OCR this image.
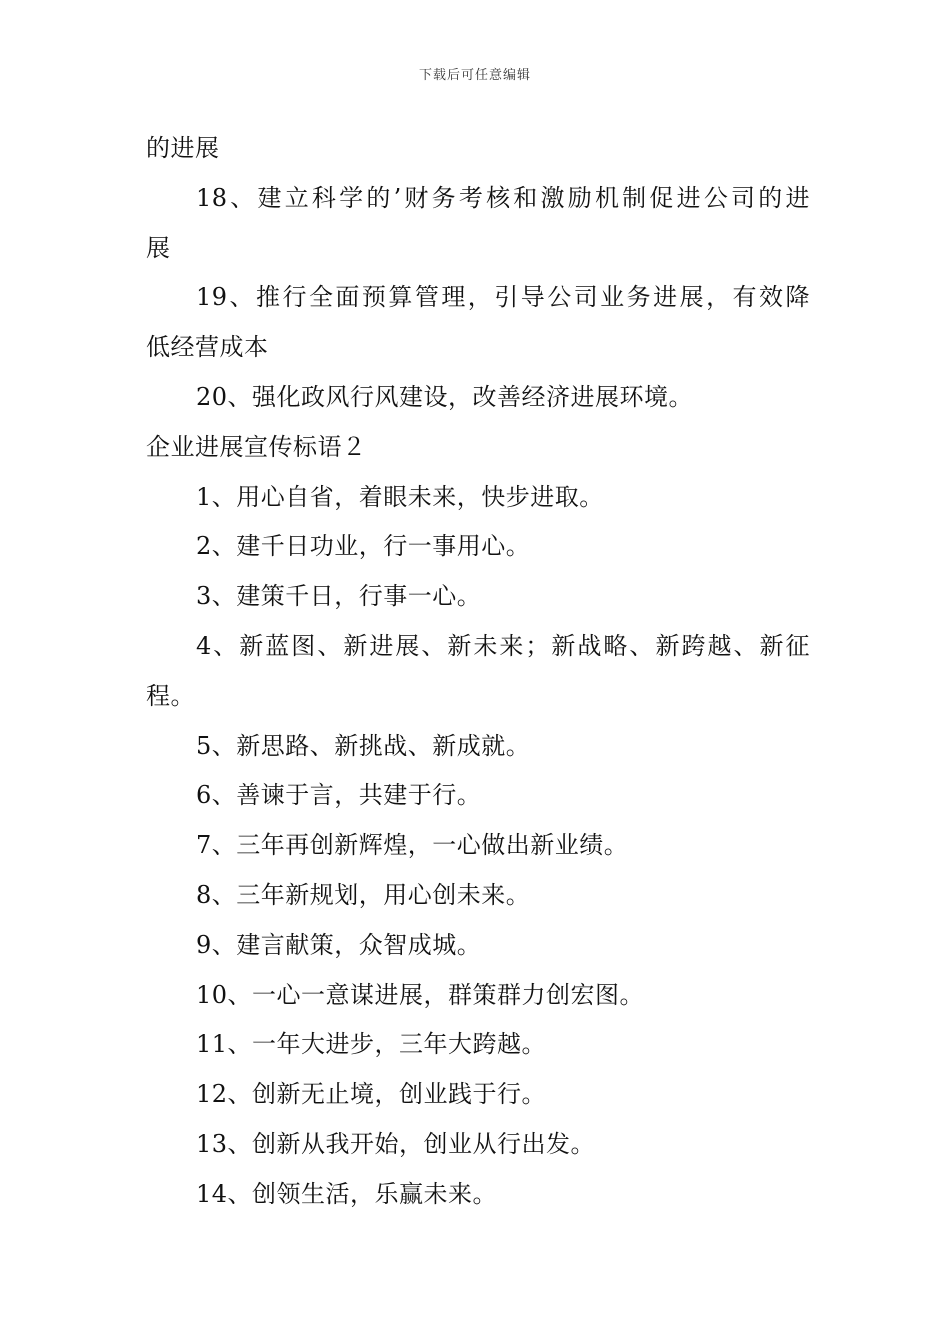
下载后可任意编辑
的进展
18、建立科学的’财务考核和激励机制促进公司的进
展
19、推行全面预算管理，引导公司业务进展，有效降
低经营成本
20、强化政风行风建设，改善经济进展环境。
企业进展宣传标语２
1、用心自省，着眼未来，快步进取。
2、建千日功业，行一事用心。
3、建策千日，行事一心。
4、新蓝图、新进展、新未来；新战略、新跨越、新征
程。
5、新思路、新挑战、新成就。
6、善谏于言，共建于行。
7、三年再创新辉煌，一心做出新业绩。
8、三年新规划，用心创未来。
9、建言献策，众智成城。
10、一心一意谋进展，群策群力创宏图。
11、一年大进步，三年大跨越。
12、创新无止境，创业践于行。
13、创新从我开始，创业从行出发。
14、创领生活，乐赢未来。
